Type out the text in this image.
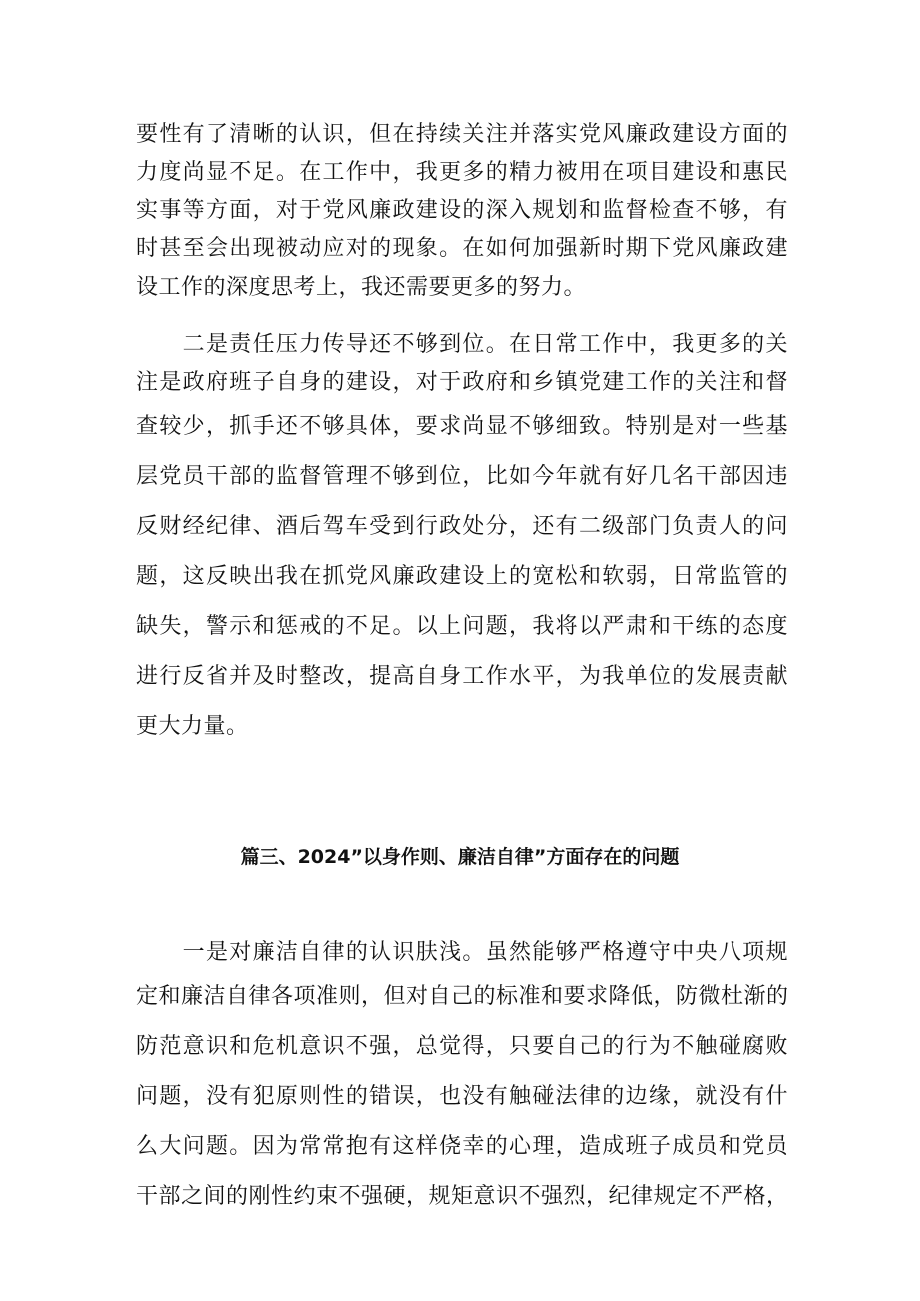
要性有了清晰的认识，但在持续关注并落实党风廉政建设方面的
力度尚显不足。在工作中，我更多的精力被用在项目建设和惠民
实事等方面，对于党风廉政建设的深入规划和监督检查不够，有
时甚至会出现被动应对的现象。在如何加强新时期下党风廉政建
设工作的深度思考上，我还需要更多的努力。
　　二是责任压力传导还不够到位。在日常工作中，我更多的关
注是政府班子自身的建设，对于政府和乡镇党建工作的关注和督
查较少，抓手还不够具体，要求尚显不够细致。特别是对一些基
层党员干部的监督管理不够到位，比如今年就有好几名干部因违
反财经纪律、酒后驾车受到行政处分，还有二级部门负责人的问
题，这反映出我在抓党风廉政建设上的宽松和软弱，日常监管的
缺失，警示和惩戒的不足。以上问题，我将以严肃和干练的态度
进行反省并及时整改，提高自身工作水平，为我单位的发展责献
更大力量。
篇三、2024”以身作则、廉洁自律”方面存在的问题
　　一是对廉洁自律的认识肤浅。虽然能够严格遵守中央八项规
定和廉洁自律各项准则，但对自己的标准和要求降低，防微杜渐的
防范意识和危机意识不强，总觉得，只要自己的行为不触碰腐败
问题，没有犯原则性的错误，也没有触碰法律的边缘，就没有什
么大问题。因为常常抱有这样侥幸的心理，造成班子成员和党员
干部之间的刚性约束不强硬，规矩意识不强烈，纪律规定不严格，
